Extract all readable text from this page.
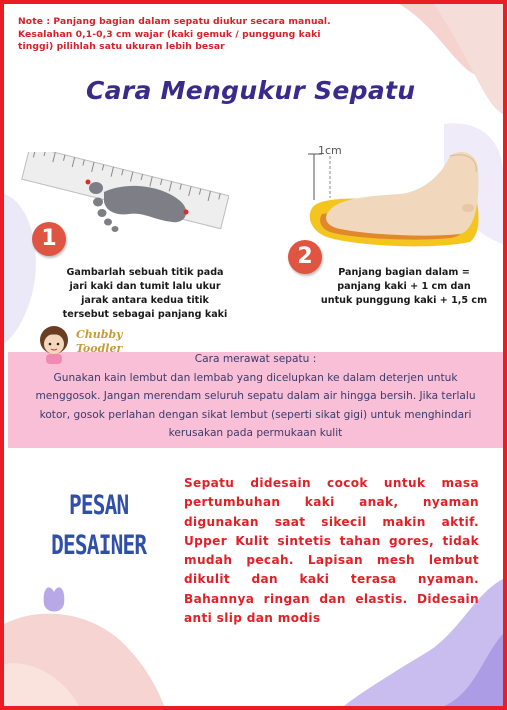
Note : Panjang bagian dalam sepatu diukur secara manual. Kesalahan 0,1-0,3 cm wajar (kaki gemuk / punggung kaki tinggi) pilihlah satu ukuran lebih besar
Cara Mengukur Sepatu
1
Gambarlah sebuah titik pada
jari kaki dan tumit lalu ukur
jarak antara kedua titik
tersebut sebagai panjang kaki
1cm
2
Panjang bagian dalam =
panjang kaki + 1 cm dan
untuk punggung kaki + 1,5 cm
Cara merawat sepatu :
Gunakan kain lembut dan lembab yang dicelupkan ke dalam deterjen untuk
menggosok. Jangan merendam seluruh sepatu dalam air hingga bersih. Jika terlalu
kotor, gosok perlahan dengan sikat lembut (seperti sikat gigi) untuk menghindari
kerusakan pada permukaan kulit
Chubby
Toodler
PESAN
DESAINER
Sepatu didesain cocok untuk masa pertumbuhan kaki anak, nyaman digunakan saat sikecil makin aktif. Upper Kulit sintetis tahan gores, tidak mudah pecah. Lapisan mesh lembut dikulit dan kaki terasa nyaman. Bahannya ringan dan elastis. Didesain anti slip dan modis
